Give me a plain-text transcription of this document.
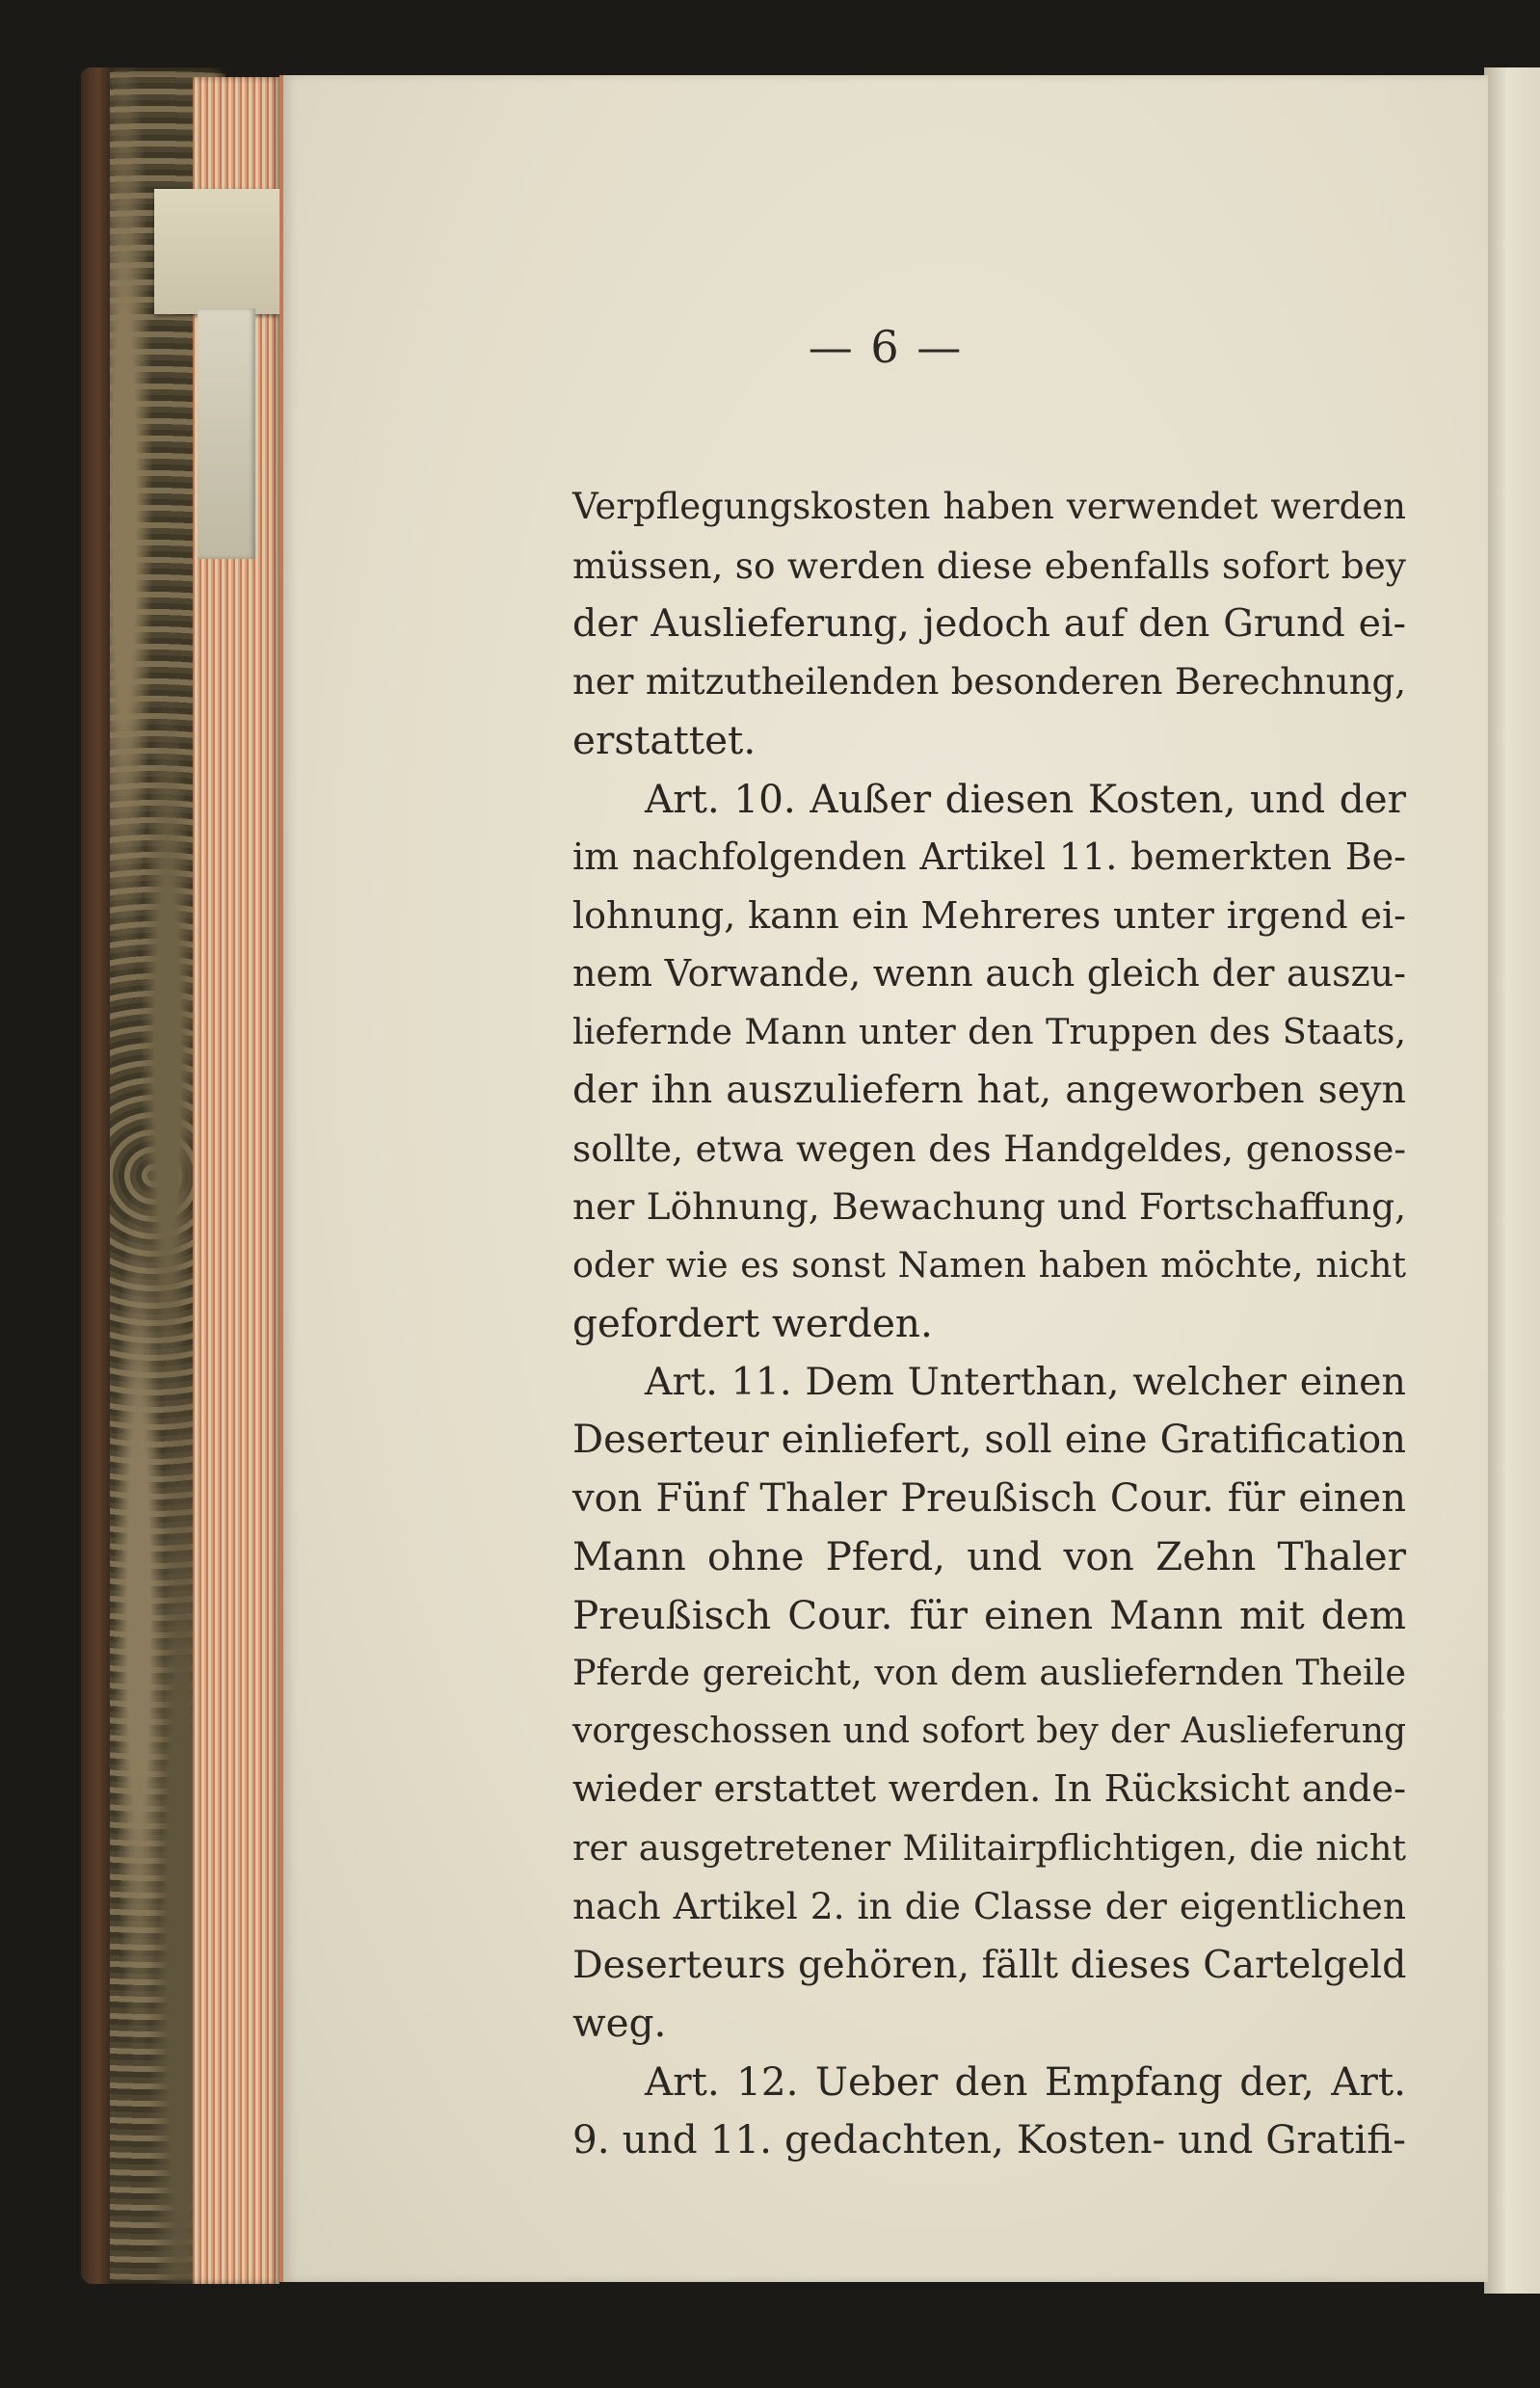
— 6 —
Verpflegungskosten haben verwendet werden
müssen, so werden diese ebenfalls sofort bey
der Auslieferung, jedoch auf den Grund ei-
ner mitzutheilenden besonderen Berechnung,
erstattet.
Art. 10. Außer diesen Kosten, und der
im nachfolgenden Artikel 11. bemerkten Be-
lohnung, kann ein Mehreres unter irgend ei-
nem Vorwande, wenn auch gleich der auszu-
liefernde Mann unter den Truppen des Staats,
der ihn auszuliefern hat, angeworben seyn
sollte, etwa wegen des Handgeldes, genosse-
ner Löhnung, Bewachung und Fortschaffung,
oder wie es sonst Namen haben möchte, nicht
gefordert werden.
Art. 11. Dem Unterthan, welcher einen
Deserteur einliefert, soll eine Gratification
von Fünf Thaler Preußisch Cour. für einen
Mann ohne Pferd, und von Zehn Thaler
Preußisch Cour. für einen Mann mit dem
Pferde gereicht, von dem ausliefernden Theile
vorgeschossen und sofort bey der Auslieferung
wieder erstattet werden. In Rücksicht ande-
rer ausgetretener Militairpflichtigen, die nicht
nach Artikel 2. in die Classe der eigentlichen
Deserteurs gehören, fällt dieses Cartelgeld
weg.
Art. 12. Ueber den Empfang der, Art.
9. und 11. gedachten, Kosten- und Gratifi-
